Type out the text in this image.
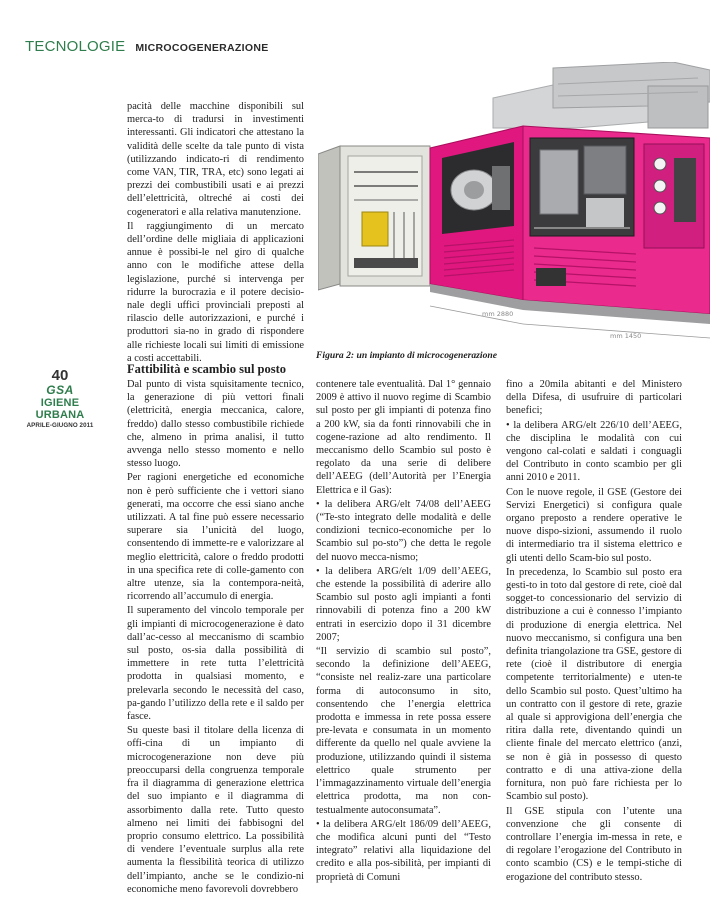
TECNOLOGIE MICROCOGENERAZIONE

pacità delle macchine disponibili sul merca-to di tradursi in investimenti interessanti. Gli indicatori che attestano la validità delle scelte da tale punto di vista (utilizzando indicato-ri di rendimento come VAN, TIR, TRA, etc) sono legati ai prezzi dei combustibili usati e ai prezzi dell’elettricità, oltreché ai costi dei cogeneratori e alla relativa manutenzione.

Il raggiungimento di un mercato dell’ordine delle migliaia di applicazioni annue è possibi-le nel giro di qualche anno con le modifiche attese della legislazione, purché si intervenga per ridurre la burocrazia e il potere decisio-nale degli uffici provinciali preposti al rilascio delle autorizzazioni, e purché i produttori sia-no in grado di rispondere alle richieste locali sui limiti di emissione a costi accettabili.

mm 2880
mm 1450
Figura 2: un impianto di microcogenerazione
40
GSA
IGIENE URBANA
APRILE-GIUGNO 2011
Fattibilità e scambio sul posto

Dal punto di vista squisitamente tecnico, la generazione di più vettori finali (elettricità, energia meccanica, calore, freddo) dallo stesso combustibile richiede che, almeno in prima analisi, il tutto avvenga nello stesso momento e nello stesso luogo.

Per ragioni energetiche ed economiche non è però sufficiente che i vettori siano generati, ma occorre che essi siano anche utilizzati. A tal fine può essere necessario superare sia l’unicità del luogo, consentendo di immette-re e valorizzare al meglio elettricità, calore o freddo prodotti in una specifica rete di colle-gamento con altre utenze, sia la contempora-neità, ricorrendo all’accumulo di energia.

Il superamento del vincolo temporale per gli impianti di microcogenerazione è dato dall’ac-cesso al meccanismo di scambio sul posto, os-sia dalla possibilità di immettere in rete tutta l’elettricità prodotta in qualsiasi momento, e prelevarla secondo le necessità del caso, pa-gando l’utilizzo della rete e il saldo per fasce.

Su queste basi il titolare della licenza di offi-cina di un impianto di microcogenerazione non deve più preoccuparsi della congruenza temporale fra il diagramma di generazione elettrica del suo impianto e il diagramma di assorbimento dalla rete. Tutto questo almeno nei limiti dei fabbisogni del proprio consumo elettrico. La possibilità di vendere l’eventuale surplus alla rete aumenta la flessibilità teorica di utilizzo dell’impianto, anche se le condizio-ni economiche meno favorevoli dovrebbero

contenere tale eventualità. Dal 1° gennaio 2009 è attivo il nuovo regime di Scambio sul posto per gli impianti di potenza fino a 200 kW, sia da fonti rinnovabili che in cogene-razione ad alto rendimento. Il meccanismo dello Scambio sul posto è regolato da una serie di delibere dell’AEEG (dell’Autorità per l’Energia Elettrica e il Gas):

• la delibera ARG/elt 74/08 dell’AEEG (“Te-sto integrato delle modalità e delle condizioni tecnico-economiche per lo Scambio sul po-sto”) che detta le regole del nuovo mecca-nismo;

• la delibera ARG/elt 1/09 dell’AEEG, che estende la possibilità di aderire allo Scambio sul posto agli impianti a fonti rinnovabili di potenza fino a 200 kW entrati in esercizio dopo il 31 dicembre 2007;

“Il servizio di scambio sul posto”, secondo la definizione dell’AEEG, “consiste nel realiz-zare una particolare forma di autoconsumo in sito, consentendo che l’energia elettrica prodotta e immessa in rete possa essere pre-levata e consumata in un momento differente da quello nel quale avviene la produzione, utilizzando quindi il sistema elettrico quale strumento per l’immagazzinamento virtuale dell’energia elettrica prodotta, ma non con-testualmente autoconsumata”.

• la delibera ARG/elt 186/09 dell’AEEG, che modifica alcuni punti del “Testo integrato” relativi alla liquidazione del credito e alla pos-sibilità, per impianti di proprietà di Comuni

fino a 20mila abitanti e del Ministero della Difesa, di usufruire di particolari benefici;

• la delibera ARG/elt 226/10 dell’AEEG, che disciplina le modalità con cui vengono cal-colati e saldati i conguagli del Contributo in conto scambio per gli anni 2010 e 2011.

Con le nuove regole, il GSE (Gestore dei Servizi Energetici) si configura quale organo preposto a rendere operative le nuove dispo-sizioni, assumendo il ruolo di intermediario tra il sistema elettrico e gli utenti dello Scam-bio sul posto.

In precedenza, lo Scambio sul posto era gesti-to in toto dal gestore di rete, cioè dal sogget-to concessionario del servizio di distribuzione a cui è connesso l’impianto di produzione di energia elettrica. Nel nuovo meccanismo, si configura una ben definita triangolazione tra GSE, gestore di rete (cioè il distributore di energia competente territorialmente) e uten-te dello Scambio sul posto. Quest’ultimo ha un contratto con il gestore di rete, grazie al quale si approvigiona dell’energia che ritira dalla rete, diventando quindi un cliente finale del mercato elettrico (anzi, se non è già in possesso di questo contratto e di una attiva-zione della fornitura, non può fare richiesta per lo Scambio sul posto).

Il GSE stipula con l’utente una convenzione che gli consente di controllare l’energia im-messa in rete, e di regolare l’erogazione del Contributo in conto scambio (CS) e le tempi-stiche di erogazione del contributo stesso.
